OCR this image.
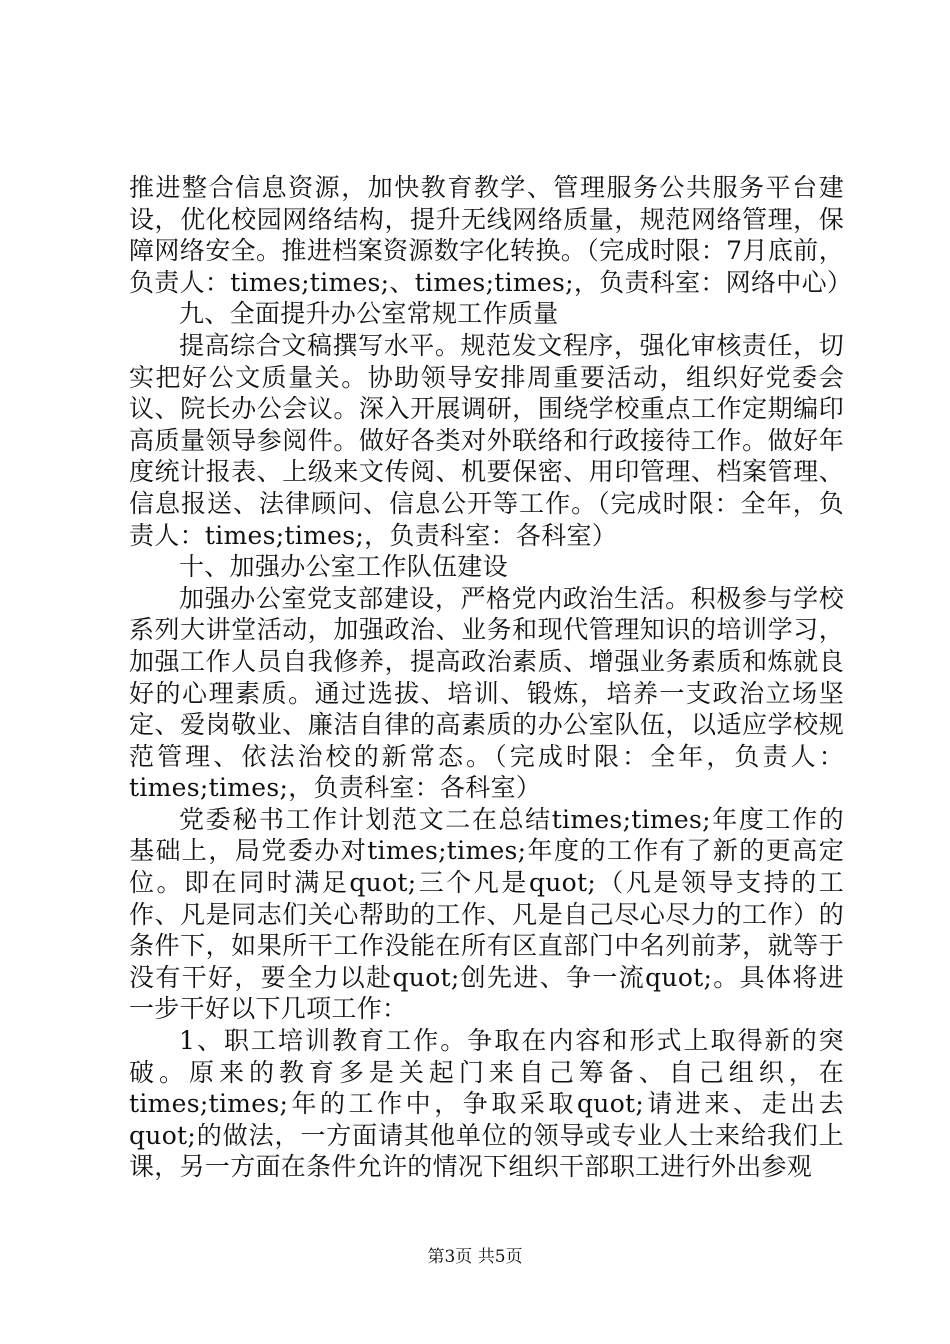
推进整合信息资源，加快教育教学、管理服务公共服务平台建设，优化校园网络结构，提升无线网络质量，规范网络管理，保障网络安全。推进档案资源数字化转换。（完成时限：7月底前，负责人：times;times;、times;times;，负责科室：网络中心）

九、全面提升办公室常规工作质量

提高综合文稿撰写水平。规范发文程序，强化审核责任，切实把好公文质量关。协助领导安排周重要活动，组织好党委会议、院长办公会议。深入开展调研，围绕学校重点工作定期编印高质量领导参阅件。做好各类对外联络和行政接待工作。做好年度统计报表、上级来文传阅、机要保密、用印管理、档案管理、信息报送、法律顾问、信息公开等工作。（完成时限：全年，负责人：times;times;，负责科室：各科室）

十、加强办公室工作队伍建设

加强办公室党支部建设，严格党内政治生活。积极参与学校系列大讲堂活动，加强政治、业务和现代管理知识的培训学习，加强工作人员自我修养，提高政治素质、增强业务素质和炼就良好的心理素质。通过选拔、培训、锻炼，培养一支政治立场坚定、爱岗敬业、廉洁自律的高素质的办公室队伍，以适应学校规范管理、依法治校的新常态。（完成时限：全年，负责人：times;times;，负责科室：各科室）

党委秘书工作计划范文二在总结times;times;年度工作的基础上，局党委办对times;times;年度的工作有了新的更高定位。即在同时满足quot;三个凡是quot;（凡是领导支持的工作、凡是同志们关心帮助的工作、凡是自己尽心尽力的工作）的条件下，如果所干工作没能在所有区直部门中名列前茅，就等于没有干好，要全力以赴quot;创先进、争一流quot;。具体将进一步干好以下几项工作：

1、职工培训教育工作。争取在内容和形式上取得新的突破。原来的教育多是关起门来自己筹备、自己组织，在times;times;年的工作中，争取采取quot;请进来、走出去quot;的做法，一方面请其他单位的领导或专业人士来给我们上课，另一方面在条件允许的情况下组织干部职工进行外出参观

第3页 共5页
